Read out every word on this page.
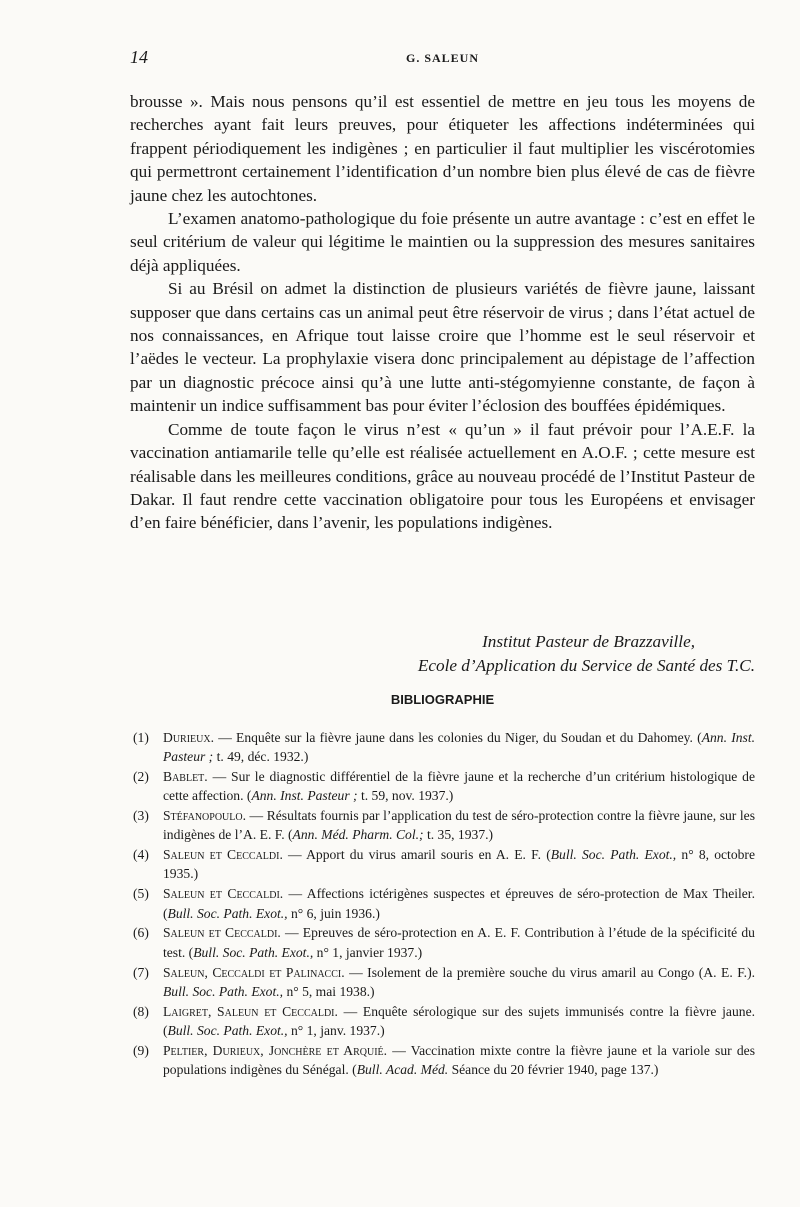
14	G. SALEUN

brousse ». Mais nous pensons qu’il est essentiel de mettre en jeu tous les moyens de recherches ayant fait leurs preuves, pour étiqueter les affections indéterminées qui frappent périodiquement les indigènes ; en particulier il faut multiplier les viscérotomies qui permettront certainement l’identification d’un nombre bien plus élevé de cas de fièvre jaune chez les autochtones.

L’examen anatomo-pathologique du foie présente un autre avantage : c’est en effet le seul critérium de valeur qui légitime le maintien ou la suppression des mesures sanitaires déjà appliquées.

Si au Brésil on admet la distinction de plusieurs variétés de fièvre jaune, laissant supposer que dans certains cas un animal peut être réservoir de virus ; dans l’état actuel de nos connaissances, en Afrique tout laisse croire que l’homme est le seul réservoir et l’aëdes le vecteur. La prophylaxie visera donc principalement au dépistage de l’affection par un diagnostic précoce ainsi qu’à une lutte anti-stégomyienne constante, de façon à maintenir un indice suffisamment bas pour éviter l’éclosion des bouffées épidémiques.

Comme de toute façon le virus n’est « qu’un » il faut prévoir pour l’A.E.F. la vaccination antiamarile telle qu’elle est réalisée actuellement en A.O.F. ; cette mesure est réalisable dans les meilleures conditions, grâce au nouveau procédé de l’Institut Pasteur de Dakar. Il faut rendre cette vaccination obligatoire pour tous les Européens et envisager d’en faire bénéficier, dans l’avenir, les populations indigènes.

Institut Pasteur de Brazzaville,
Ecole d’Application du Service de Santé des T.C.
BIBLIOGRAPHIE
(1) Durieux. — Enquête sur la fièvre jaune dans les colonies du Niger, du Soudan et du Dahomey. (Ann. Inst. Pasteur ; t. 49, déc. 1932.)
(2) Bablet. — Sur le diagnostic différentiel de la fièvre jaune et la recherche d’un critérium histologique de cette affection. (Ann. Inst. Pasteur ; t. 59, nov. 1937.)
(3) Stéfanopoulo. — Résultats fournis par l’application du test de séro-protection contre la fièvre jaune, sur les indigènes de l’A. E. F. (Ann. Méd. Pharm. Col.; t. 35, 1937.)
(4) Saleun et Ceccaldi. — Apport du virus amaril souris en A. E. F. (Bull. Soc. Path. Exot., n° 8, octobre 1935.)
(5) Saleun et Ceccaldi. — Affections ictérigènes suspectes et épreuves de séro-protection de Max Theiler. (Bull. Soc. Path. Exot., n° 6, juin 1936.)
(6) Saleun et Ceccaldi. — Epreuves de séro-protection en A. E. F. Contribution à l’étude de la spécificité du test. (Bull. Soc. Path. Exot., n° 1, janvier 1937.)
(7) Saleun, Ceccaldi et Palinacci. — Isolement de la première souche du virus amaril au Congo (A. E. F.). Bull. Soc. Path. Exot., n° 5, mai 1938.)
(8) Laigret, Saleun et Ceccaldi. — Enquête sérologique sur des sujets immunisés contre la fièvre jaune. (Bull. Soc. Path. Exot., n° 1, janv. 1937.)
(9) Peltier, Durieux, Jonchère et Arquié. — Vaccination mixte contre la fièvre jaune et la variole sur des populations indigènes du Sénégal. (Bull. Acad. Méd. Séance du 20 février 1940, page 137.)
